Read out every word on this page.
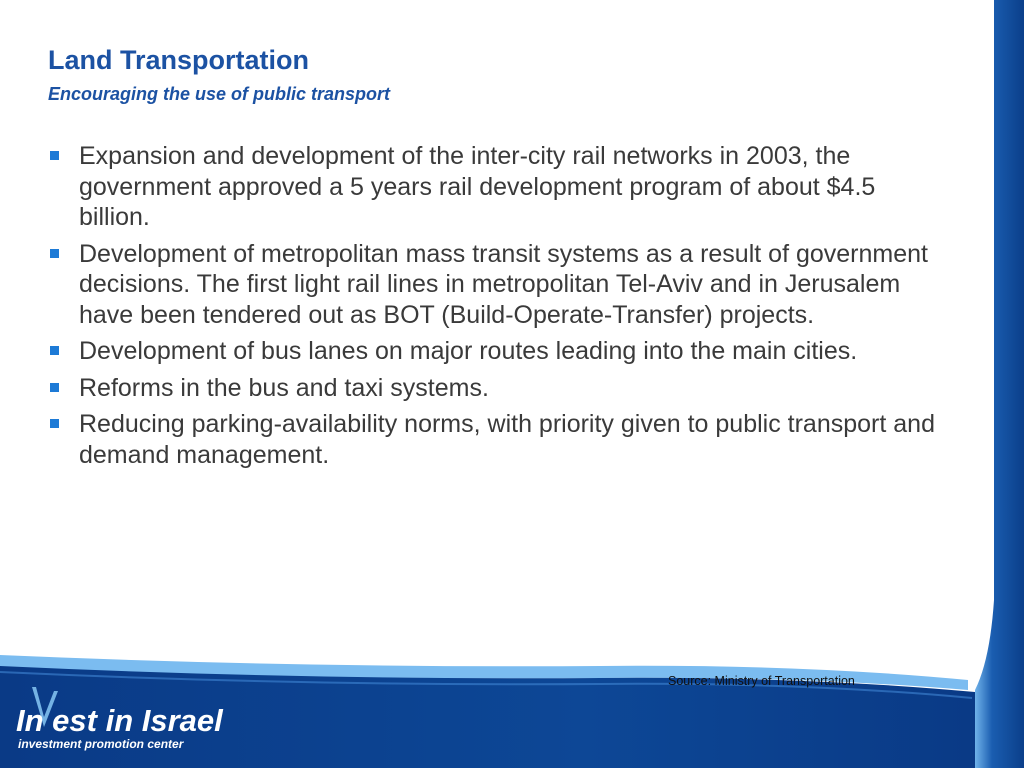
Land Transportation
Encouraging the use of public transport
Expansion and development of the inter-city rail networks in 2003, the government approved a 5 years rail development program of about $4.5 billion.
Development of metropolitan mass transit systems as a result of government decisions. The first light rail lines in metropolitan Tel-Aviv and in Jerusalem have been tendered out as BOT (Build-Operate-Transfer) projects.
Development of bus lanes on major routes leading into the main cities.
Reforms in the bus and taxi systems.
Reducing parking-availability norms, with priority given to public transport and demand management.
Source: Ministry of Transportation
In est in Israel
investment promotion center
